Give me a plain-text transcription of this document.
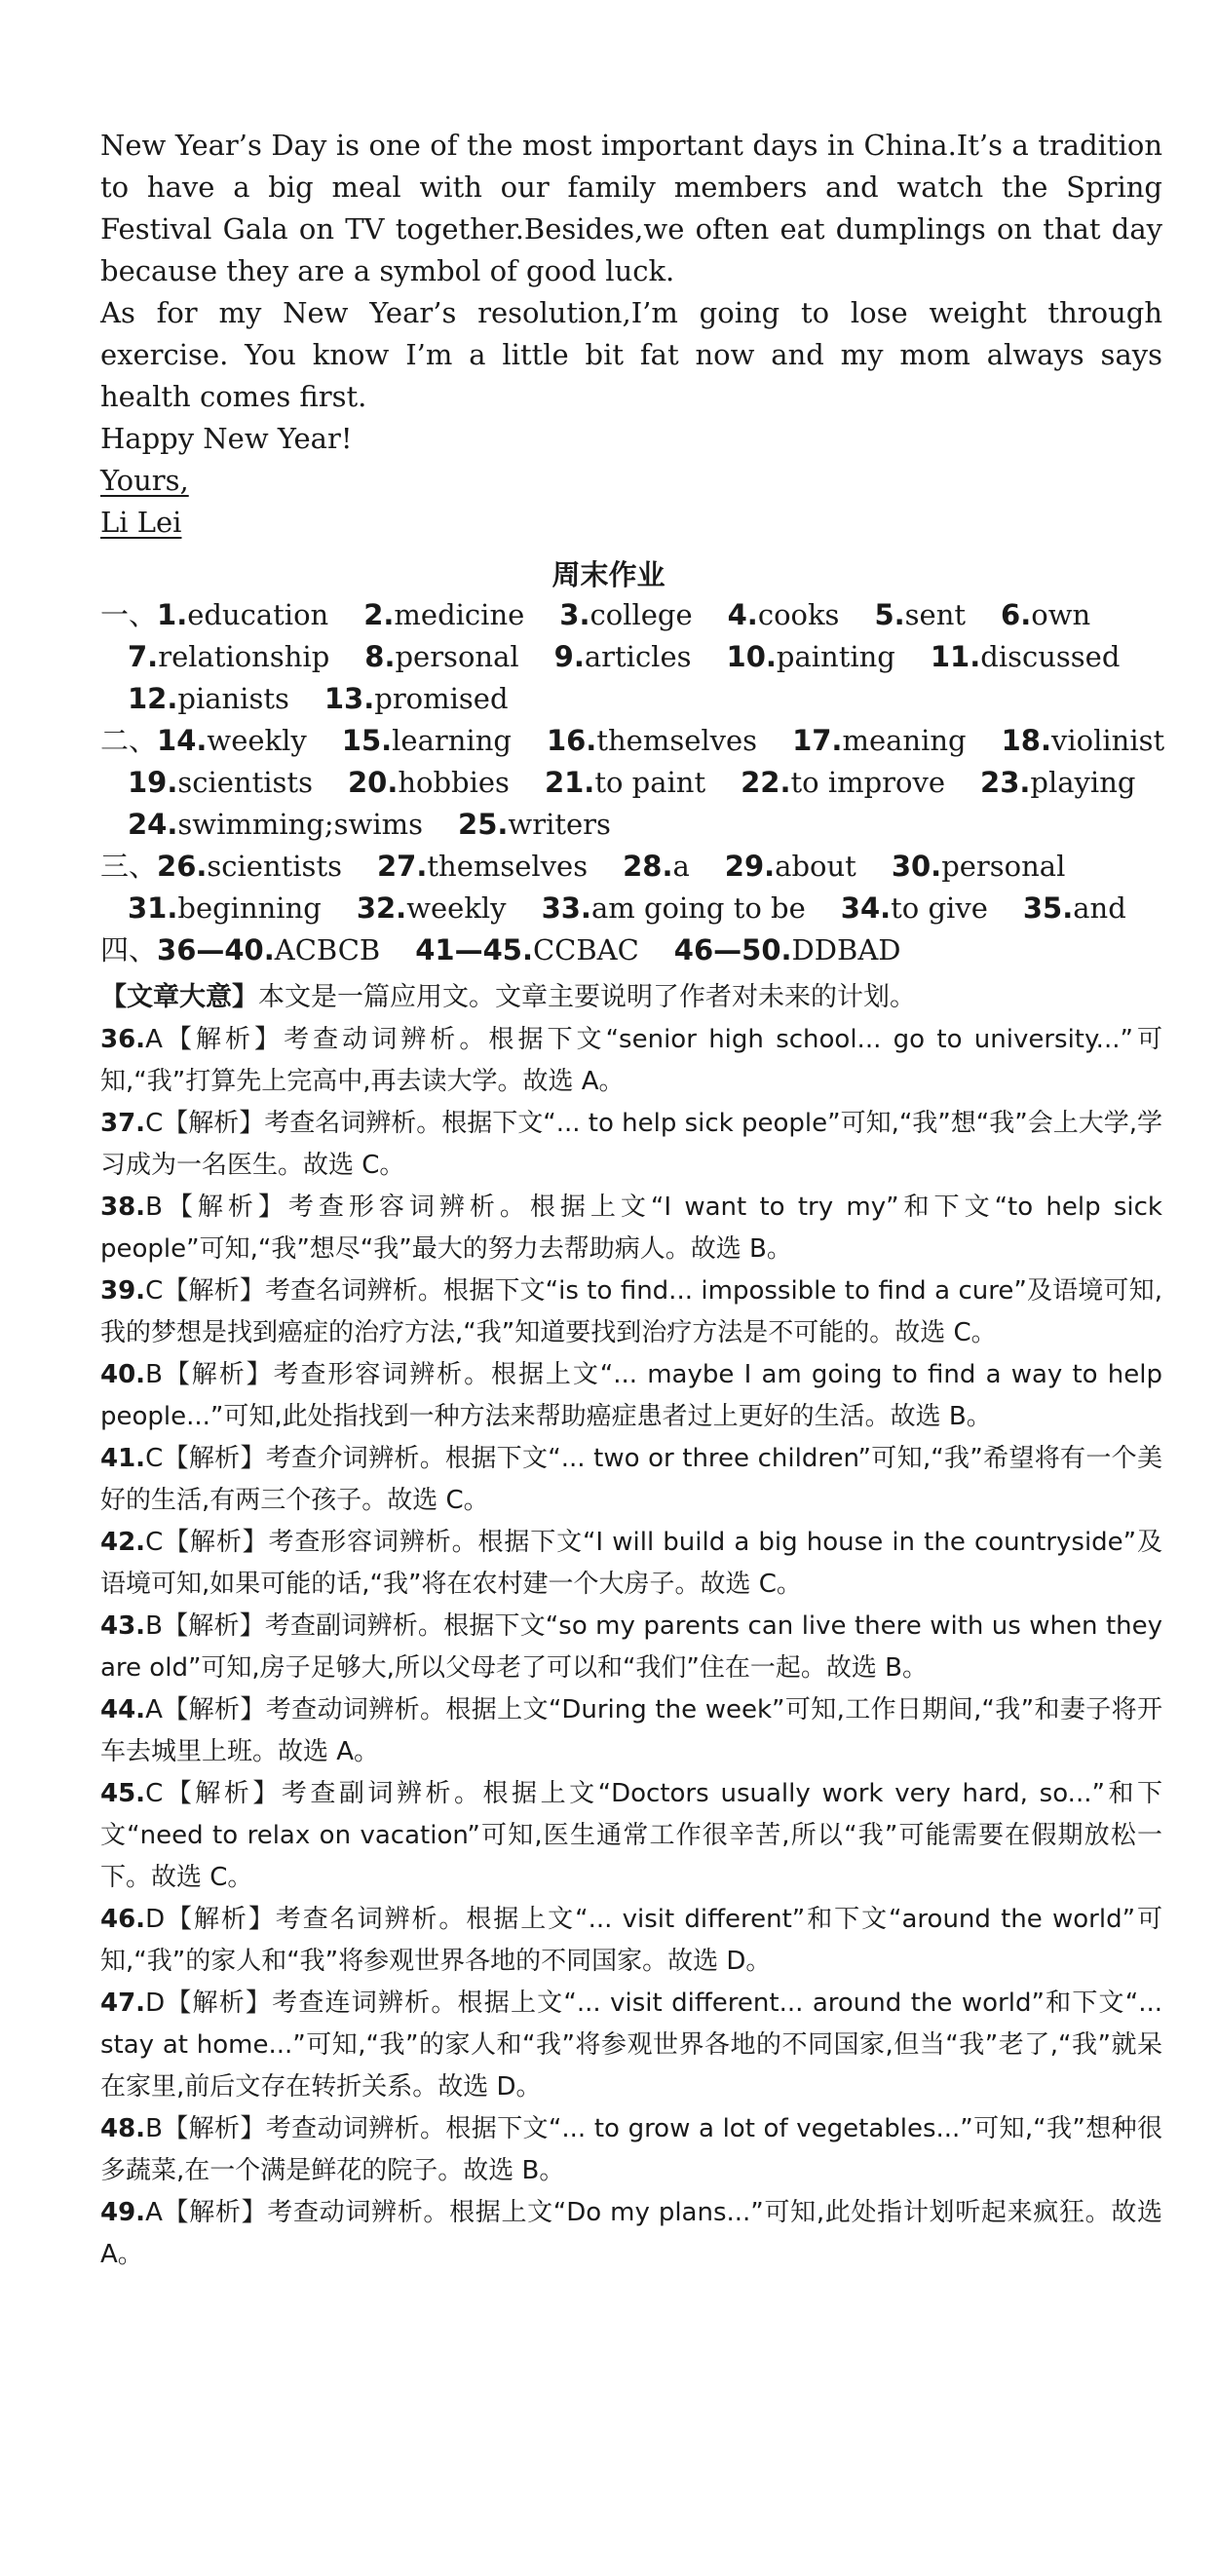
New Year’s Day is one of the most important days in China.It’s a tradition to have a big meal with our family members and watch the Spring Festival Gala on TV together.Besides,we often eat dumplings on that day because they are a symbol of good luck.

As for my New Year’s resolution,I’m going to lose weight through exercise. You know I’m a little bit fat now and my mom always says health comes first.

Happy New Year!

Yours,

Li Lei

周末作业
一、1.education 2.medicine 3.college 4.cooks 5.sent 6.own
7.relationship 8.personal 9.articles 10.painting 11.discussed
12.pianists 13.promised
二、14.weekly 15.learning 16.themselves 17.meaning 18.violinist
19.scientists 20.hobbies 21.to paint 22.to improve 23.playing
24.swimming;swims 25.writers
三、26.scientists 27.themselves 28.a 29.about 30.personal
31.beginning 32.weekly 33.am going to be 34.to give 35.and
四、36—40.ACBCB 41—45.CCBAC 46—50.DDBAD
【文章大意】本文是一篇应用文。文章主要说明了作者对未来的计划。

36.A【解析】考查动词辨析。根据下文“senior high school... go to university...”可知,“我”打算先上完高中,再去读大学。故选 A。

37.C【解析】考查名词辨析。根据下文“... to help sick people”可知,“我”想“我”会上大学,学习成为一名医生。故选 C。

38.B【解析】考查形容词辨析。根据上文“I want to try my”和下文“to help sick people”可知,“我”想尽“我”最大的努力去帮助病人。故选 B。

39.C【解析】考查名词辨析。根据下文“is to find... impossible to find a cure”及语境可知,我的梦想是找到癌症的治疗方法,“我”知道要找到治疗方法是不可能的。故选 C。

40.B【解析】考查形容词辨析。根据上文“... maybe I am going to find a way to help people...”可知,此处指找到一种方法来帮助癌症患者过上更好的生活。故选 B。

41.C【解析】考查介词辨析。根据下文“... two or three children”可知,“我”希望将有一个美好的生活,有两三个孩子。故选 C。

42.C【解析】考查形容词辨析。根据下文“I will build a big house in the countryside”及语境可知,如果可能的话,“我”将在农村建一个大房子。故选 C。

43.B【解析】考查副词辨析。根据下文“so my parents can live there with us when they are old”可知,房子足够大,所以父母老了可以和“我们”住在一起。故选 B。

44.A【解析】考查动词辨析。根据上文“During the week”可知,工作日期间,“我”和妻子将开车去城里上班。故选 A。

45.C【解析】考查副词辨析。根据上文“Doctors usually work very hard, so...”和下文“need to relax on vacation”可知,医生通常工作很辛苦,所以“我”可能需要在假期放松一下。故选 C。

46.D【解析】考查名词辨析。根据上文“... visit different”和下文“around the world”可知,“我”的家人和“我”将参观世界各地的不同国家。故选 D。

47.D【解析】考查连词辨析。根据上文“... visit different... around the world”和下文“... stay at home...”可知,“我”的家人和“我”将参观世界各地的不同国家,但当“我”老了,“我”就呆在家里,前后文存在转折关系。故选 D。

48.B【解析】考查动词辨析。根据下文“... to grow a lot of vegetables...”可知,“我”想种很多蔬菜,在一个满是鲜花的院子。故选 B。

49.A【解析】考查动词辨析。根据上文“Do my plans...”可知,此处指计划听起来疯狂。故选 A。
